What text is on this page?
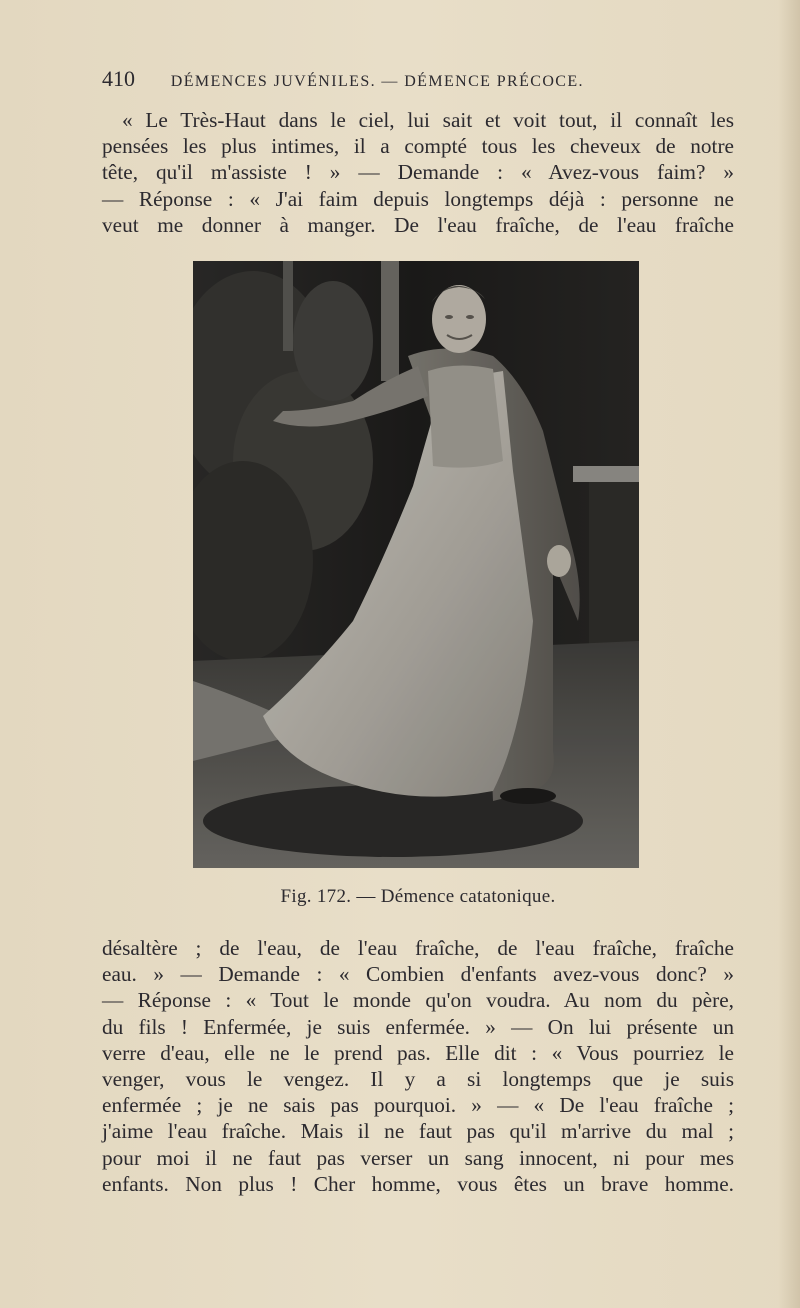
410 DÉMENCES JUVÉNILES. — DÉMENCE PRÉCOCE.

« Le Très-Haut dans le ciel, lui sait et voit tout, il connaît les
pensées les plus intimes, il a compté tous les cheveux de notre
tête, qu'il m'assiste ! » — Demande : « Avez-vous faim? »
— Réponse : « J'ai faim depuis longtemps déjà : personne ne
veut me donner à manger. De l'eau fraîche, de l'eau fraîche

Fig. 172. — Démence catatonique.

désaltère ; de l'eau, de l'eau fraîche, de l'eau fraîche, fraîche
eau. » — Demande : « Combien d'enfants avez-vous donc? »
— Réponse : « Tout le monde qu'on voudra. Au nom du père,
du fils ! Enfermée, je suis enfermée. » — On lui présente un
verre d'eau, elle ne le prend pas. Elle dit : « Vous pourriez le
venger, vous le vengez. Il y a si longtemps que je suis
enfermée ; je ne sais pas pourquoi. » — « De l'eau fraîche ;
j'aime l'eau fraîche. Mais il ne faut pas qu'il m'arrive du mal ;
pour moi il ne faut pas verser un sang innocent, ni pour mes
enfants. Non plus ! Cher homme, vous êtes un brave homme.
